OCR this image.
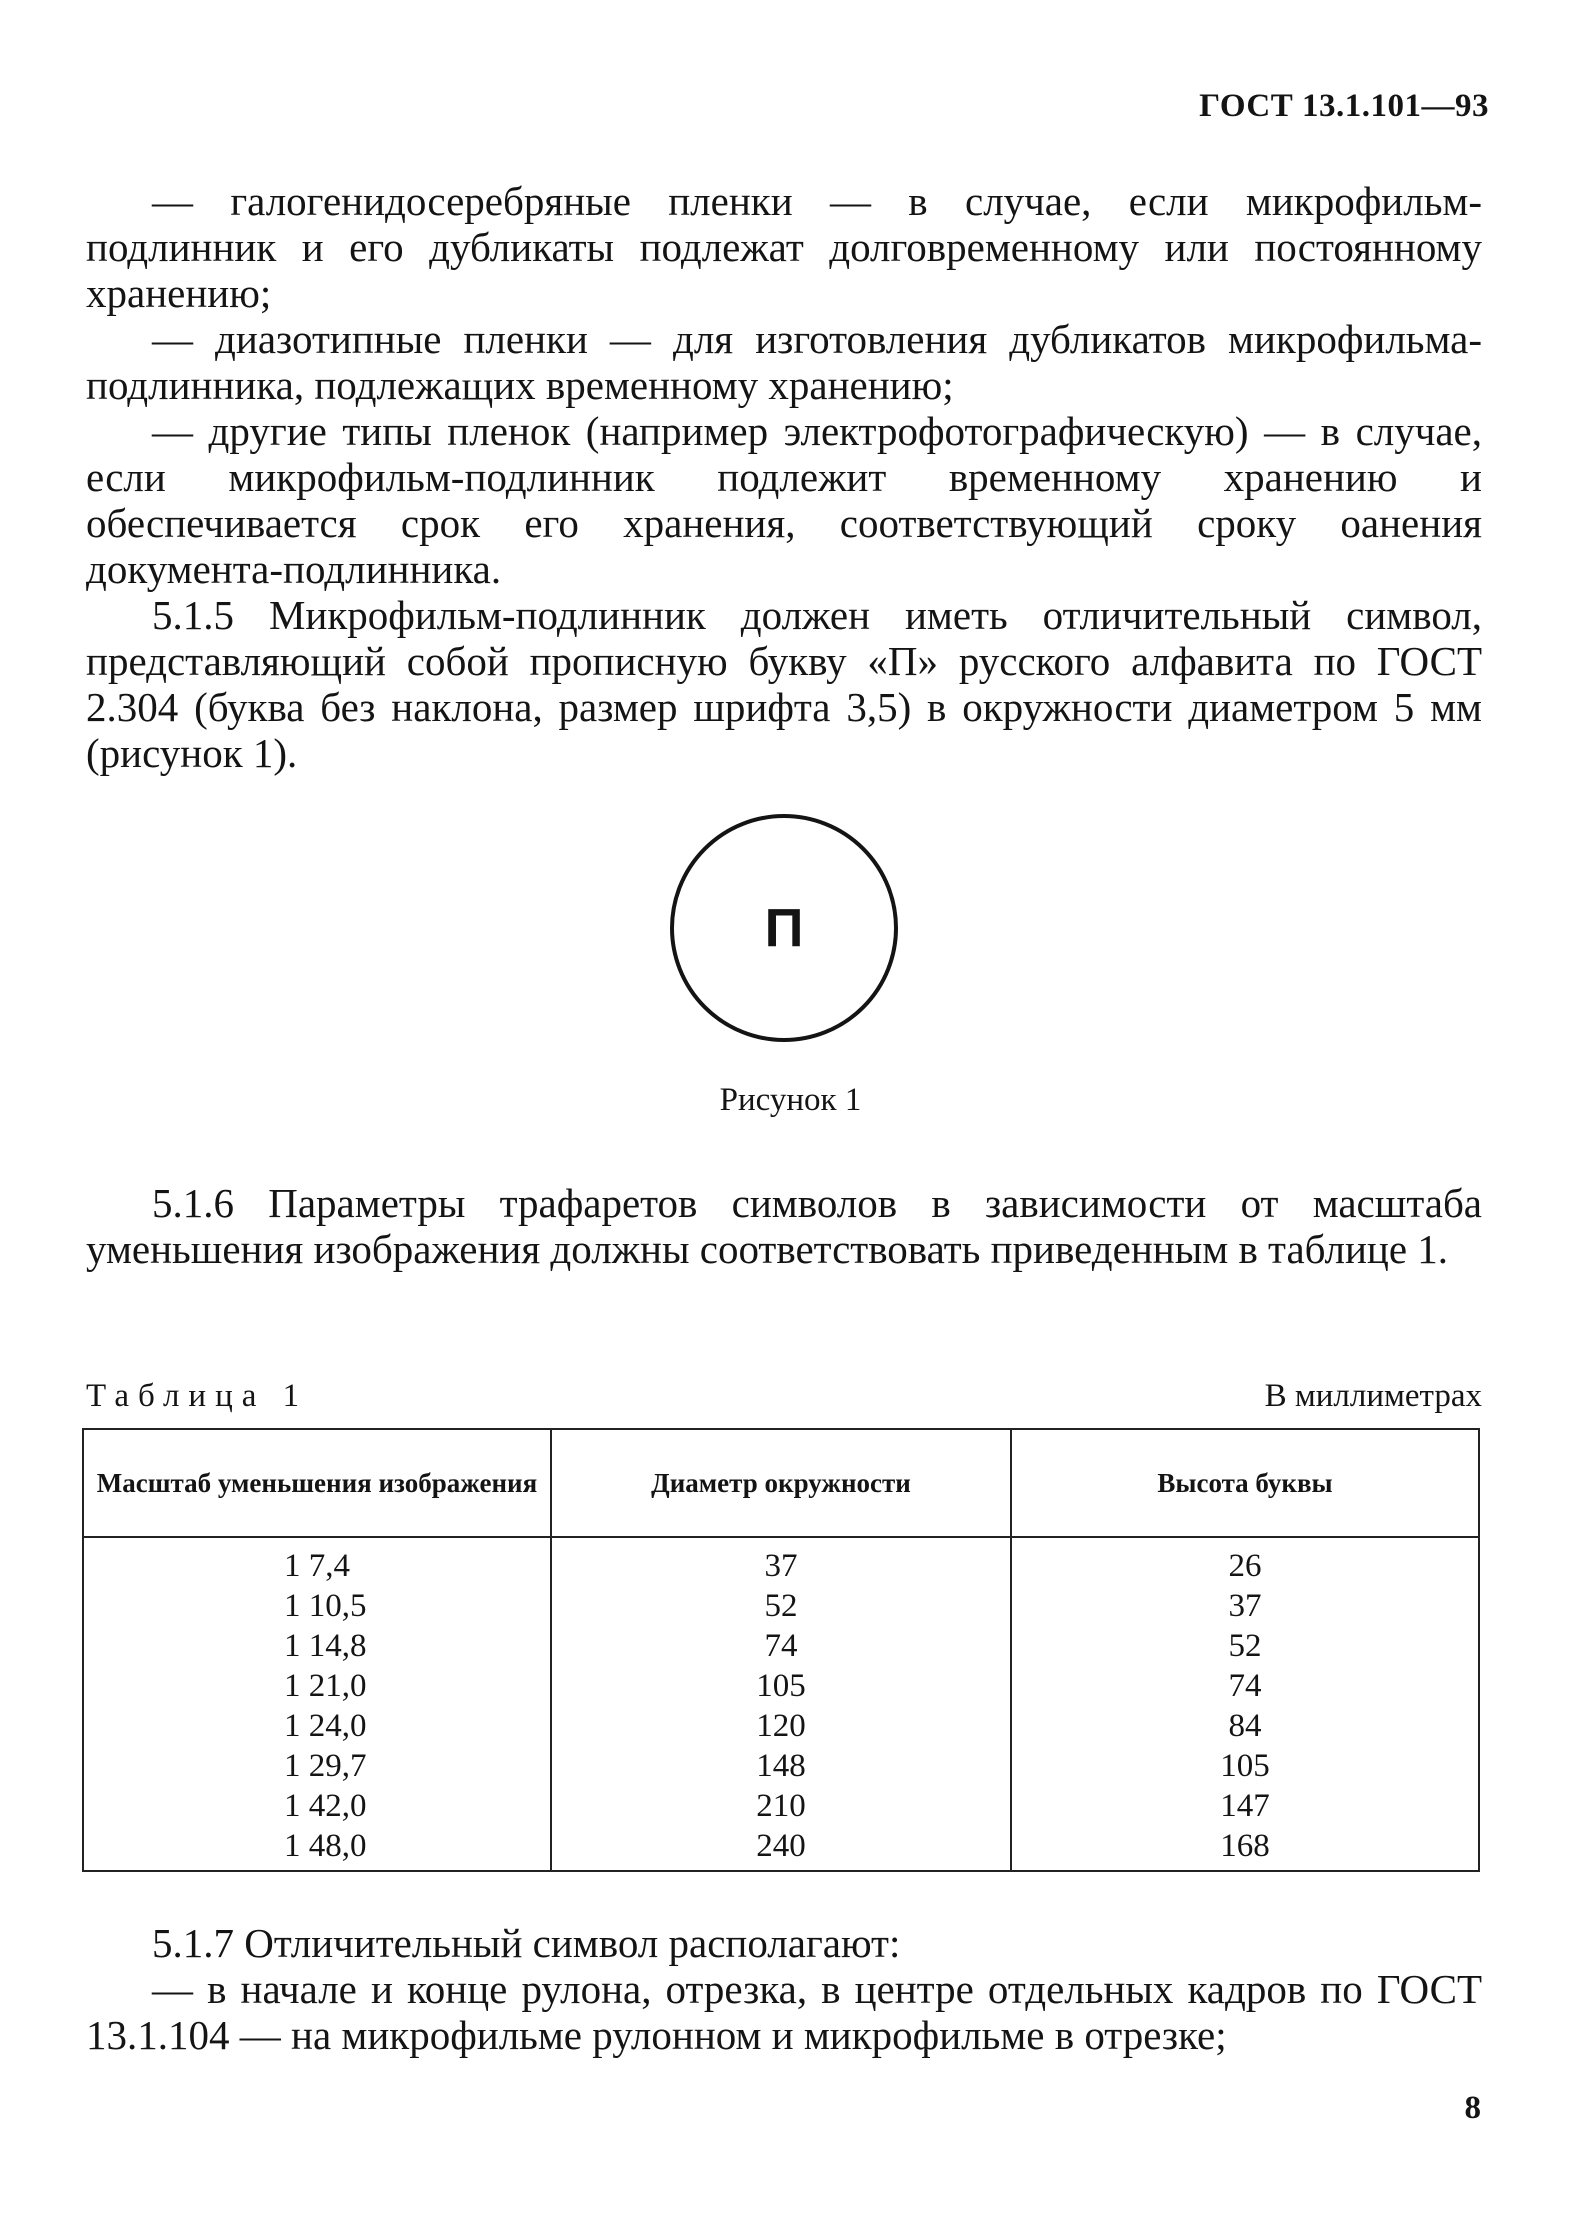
ГОСТ 13.1.101—93

— галогенидосеребряные пленки — в случае, если микрофильм-подлинник и его дубликаты подлежат долговременному или постоянному хранению;

— диазотипные пленки — для изготовления дубликатов микрофильма-подлинника, подлежащих временному хранению;

— другие типы пленок (например электрофотографическую) — в случае, если микрофильм-подлинник подлежит временному хранению и обеспечивается срок его хранения, соответствующий сроку оанения документа-подлинника.

5.1.5 Микрофильм-подлинник должен иметь отличительный символ, представляющий собой прописную букву «П» русского алфавита по ГОСТ 2.304 (буква без наклона, размер шрифта 3,5) в окружности диаметром 5 мм (рисунок 1).

П
Рисунок 1

5.1.6 Параметры трафаретов символов в зависимости от масштаба уменьшения изображения должны соответствовать приведенным в таблице 1.

Таблица 1	В миллиметрах
Масштаб уменьшения изображения	Диаметр окружности	Высота буквы
1 7,4	37	26
1 10,5	52	37
1 14,8	74	52
1 21,0	105	74
1 24,0	120	84
1 29,7	148	105
1 42,0	210	147
1 48,0	240	168

5.1.7 Отличительный символ располагают:

— в начале и конце рулона, отрезка, в центре отдельных кадров по ГОСТ 13.1.104 — на микрофильме рулонном и микрофильме в отрезке;

8
